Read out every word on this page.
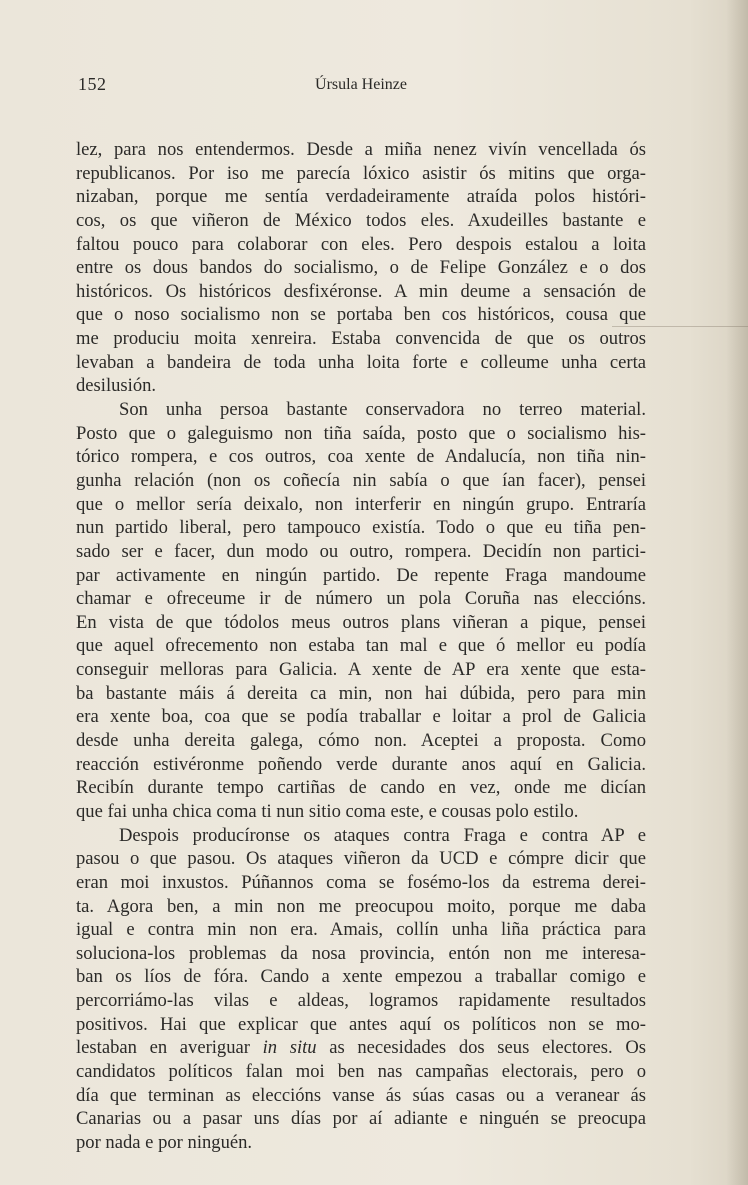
152	Úrsula Heinze
lez, para nos entendermos. Desde a miña nenez vivín vencellada ós
republicanos. Por iso me parecía lóxico asistir ós mitins que orga-
nizaban, porque me sentía verdadeiramente atraída polos históri-
cos, os que viñeron de México todos eles. Axudeilles bastante e
faltou pouco para colaborar con eles. Pero despois estalou a loita
entre os dous bandos do socialismo, o de Felipe González e o dos
históricos. Os históricos desfixéronse. A min deume a sensación de
que o noso socialismo non se portaba ben cos históricos, cousa que
me produciu moita xenreira. Estaba convencida de que os outros
levaban a bandeira de toda unha loita forte e colleume unha certa
desilusión.
Son unha persoa bastante conservadora no terreo material.
Posto que o galeguismo non tiña saída, posto que o socialismo his-
tórico rompera, e cos outros, coa xente de Andalucía, non tiña nin-
gunha relación (non os coñecía nin sabía o que ían facer), pensei
que o mellor sería deixalo, non interferir en ningún grupo. Entraría
nun partido liberal, pero tampouco existía. Todo o que eu tiña pen-
sado ser e facer, dun modo ou outro, rompera. Decidín non partici-
par activamente en ningún partido. De repente Fraga mandoume
chamar e ofreceume ir de número un pola Coruña nas eleccións.
En vista de que tódolos meus outros plans viñeran a pique, pensei
que aquel ofrecemento non estaba tan mal e que ó mellor eu podía
conseguir melloras para Galicia. A xente de AP era xente que esta-
ba bastante máis á dereita ca min, non hai dúbida, pero para min
era xente boa, coa que se podía traballar e loitar a prol de Galicia
desde unha dereita galega, cómo non. Aceptei a proposta. Como
reacción estivéronme poñendo verde durante anos aquí en Galicia.
Recibín durante tempo cartiñas de cando en vez, onde me dicían
que fai unha chica coma ti nun sitio coma este, e cousas polo estilo.
Despois producíronse os ataques contra Fraga e contra AP e
pasou o que pasou. Os ataques viñeron da UCD e cómpre dicir que
eran moi inxustos. Púñannos coma se fosémo-los da estrema derei-
ta. Agora ben, a min non me preocupou moito, porque me daba
igual e contra min non era. Amais, collín unha liña práctica para
soluciona-los problemas da nosa provincia, entón non me interesa-
ban os líos de fóra. Cando a xente empezou a traballar comigo e
percorriámo-las vilas e aldeas, logramos rapidamente resultados
positivos. Hai que explicar que antes aquí os políticos non se mo-
lestaban en averiguar in situ as necesidades dos seus electores. Os
candidatos políticos falan moi ben nas campañas electorais, pero o
día que terminan as eleccións vanse ás súas casas ou a veranear ás
Canarias ou a pasar uns días por aí adiante e ninguén se preocupa
por nada e por ninguén.
